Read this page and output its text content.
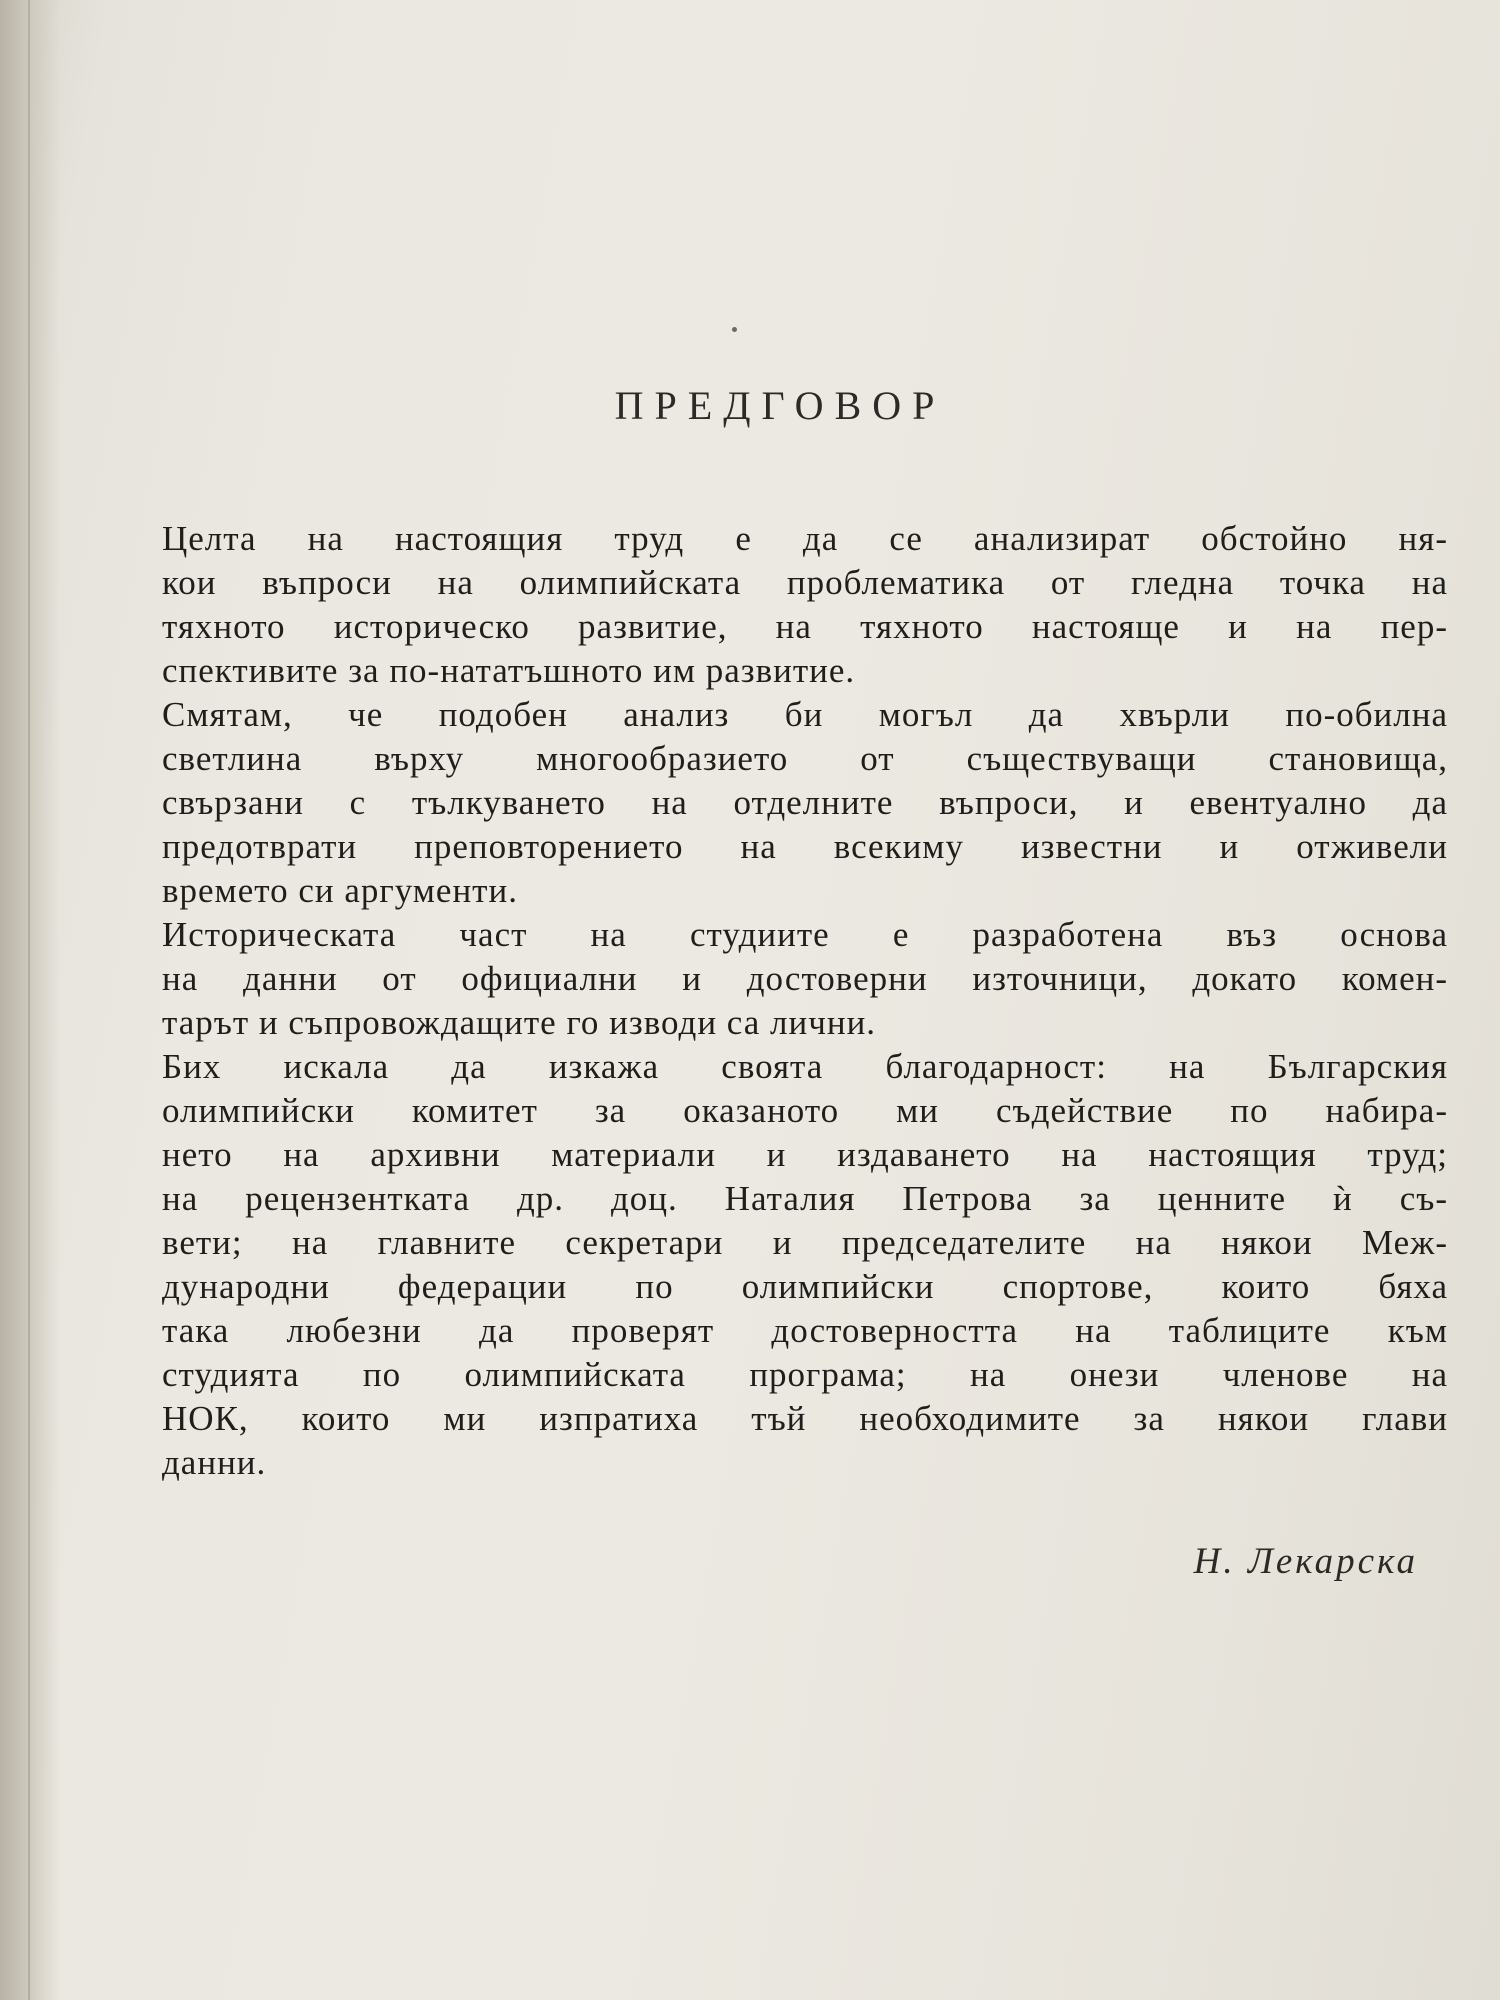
ПРЕДГОВОР

Целта на настоящия труд е да се анализират обстойно ня-
кои въпроси на олимпийската проблематика от гледна точка на
тяхното историческо развитие, на тяхното настояще и на пер-
спективите за по-нататъшното им развитие.

Смятам, че подобен анализ би могъл да хвърли по-обилна
светлина върху многообразието от съществуващи становища,
свързани с тълкуването на отделните въпроси, и евентуално да
предотврати преповторението на всекиму известни и отживели
времето си аргументи.

Историческата част на студиите е разработена въз основа
на данни от официални и достоверни източници, докато комен-
тарът и съпровождащите го изводи са лични.

Бих искала да изкажа своята благодарност: на Българския
олимпийски комитет за оказаното ми съдействие по набира-
нето на архивни материали и издаването на настоящия труд;
на рецензентката др. доц. Наталия Петрова за ценните ѝ съ-
вети; на главните секретари и председателите на някои Меж-
дународни федерации по олимпийски спортове, които бяха
така любезни да проверят достоверността на таблиците към
студията по олимпийската програма; на онези членове на
НОК, които ми изпратиха тъй необходимите за някои глави
данни.

Н. Лекарска
